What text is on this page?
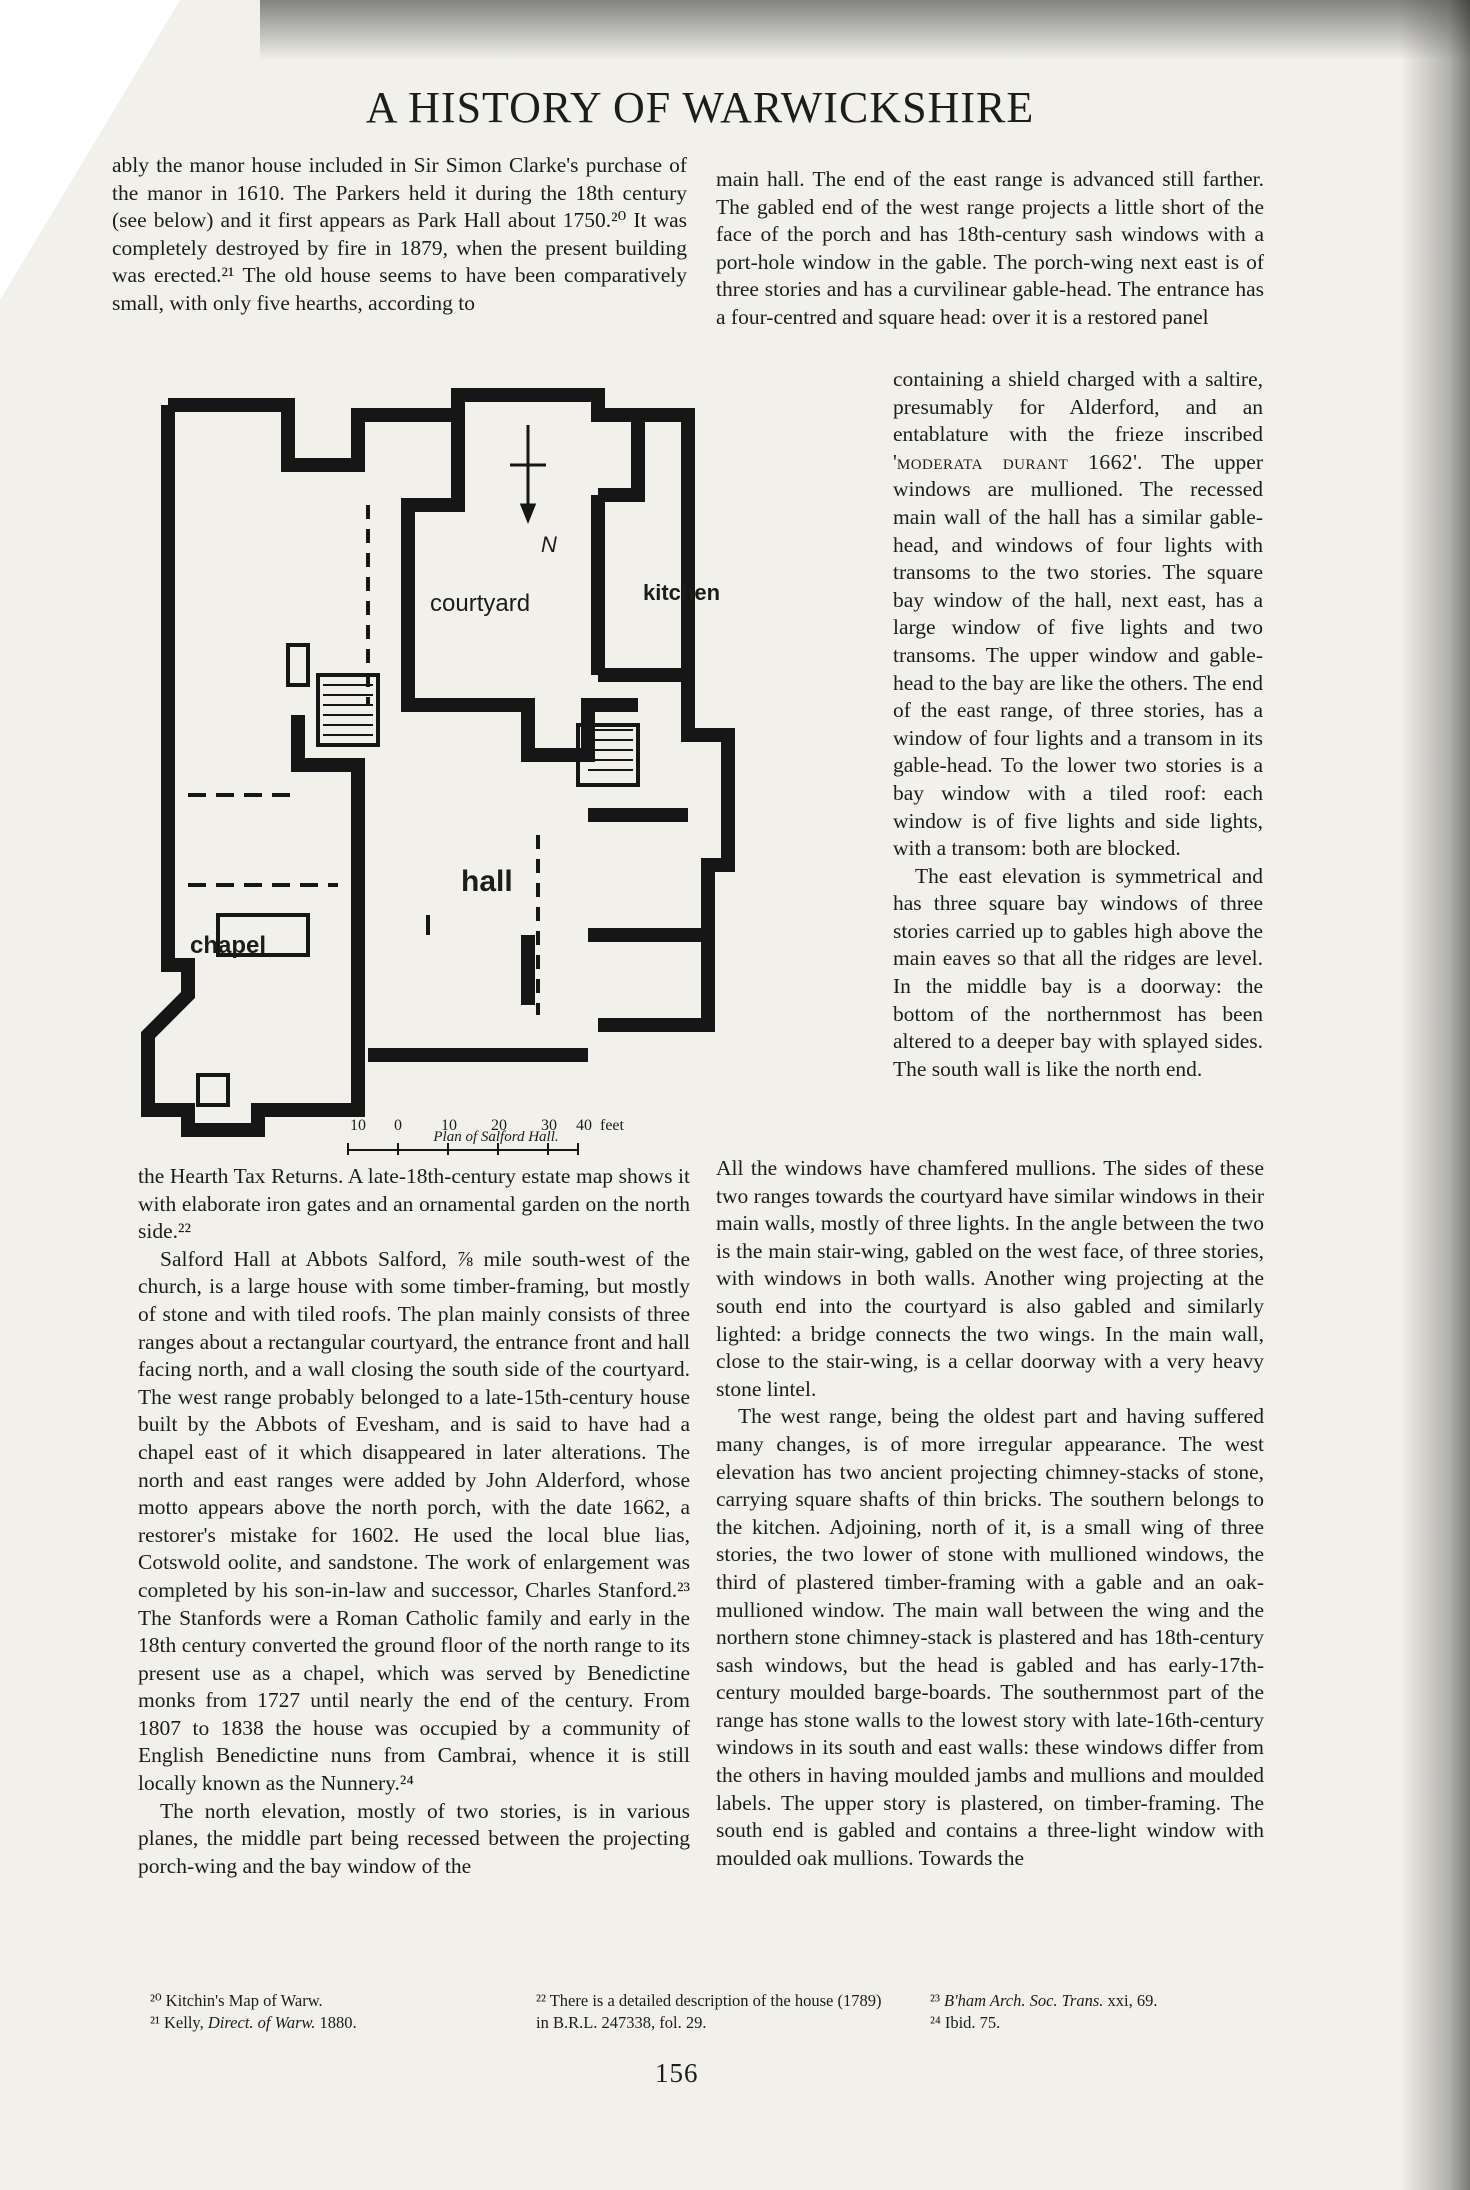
A HISTORY OF WARWICKSHIRE

ably the manor house included in Sir Simon Clarke's purchase of the manor in 1610. The Parkers held it during the 18th century (see below) and it first appears as Park Hall about 1750.²⁰ It was completely destroyed by fire in 1879, when the present building was erected.²¹ The old house seems to have been comparatively small, with only five hearths, according to

main hall. The end of the east range is advanced still farther. The gabled end of the west range projects a little short of the face of the porch and has 18th-century sash windows with a port-hole window in the gable. The porch-wing next east is of three stories and has a curvilinear gable-head. The entrance has a four-centred and square head: over it is a restored panel

containing a shield charged with a saltire, presumably for Alderford, and an entablature with the frieze inscribed 'moderata durant 1662'. The upper windows are mullioned. The recessed main wall of the hall has a similar gable-head, and windows of four lights with transoms to the two stories. The square bay window of the hall, next east, has a large window of five lights and two transoms. The upper window and gable-head to the bay are like the others. The end of the east range, of three stories, has a window of four lights and a transom in its gable-head. To the lower two stories is a bay window with a tiled roof: each window is of five lights and side lights, with a transom: both are blocked.

The east elevation is symmetrical and has three square bay windows of three stories carried up to gables high above the main eaves so that all the ridges are level. In the middle bay is a doorway: the bottom of the northernmost has been altered to a deeper bay with splayed sides. The south wall is like the north end.

N
courtyard	kitchen
hall
chapel
10 0 10 20 30 40 feet
Plan of Salford Hall.

the Hearth Tax Returns. A late-18th-century estate map shows it with elaborate iron gates and an ornamental garden on the north side.²²

Salford Hall at Abbots Salford, ⅞ mile south-west of the church, is a large house with some timber-framing, but mostly of stone and with tiled roofs. The plan mainly consists of three ranges about a rectangular courtyard, the entrance front and hall facing north, and a wall closing the south side of the courtyard. The west range probably belonged to a late-15th-century house built by the Abbots of Evesham, and is said to have had a chapel east of it which disappeared in later alterations. The north and east ranges were added by John Alderford, whose motto appears above the north porch, with the date 1662, a restorer's mistake for 1602. He used the local blue lias, Cotswold oolite, and sandstone. The work of enlargement was completed by his son-in-law and successor, Charles Stanford.²³ The Stanfords were a Roman Catholic family and early in the 18th century converted the ground floor of the north range to its present use as a chapel, which was served by Benedictine monks from 1727 until nearly the end of the century. From 1807 to 1838 the house was occupied by a community of English Benedictine nuns from Cambrai, whence it is still locally known as the Nunnery.²⁴

The north elevation, mostly of two stories, is in various planes, the middle part being recessed between the projecting porch-wing and the bay window of the

All the windows have chamfered mullions. The sides of these two ranges towards the courtyard have similar windows in their main walls, mostly of three lights. In the angle between the two is the main stair-wing, gabled on the west face, of three stories, with windows in both walls. Another wing projecting at the south end into the courtyard is also gabled and similarly lighted: a bridge connects the two wings. In the main wall, close to the stair-wing, is a cellar doorway with a very heavy stone lintel.

The west range, being the oldest part and having suffered many changes, is of more irregular appearance. The west elevation has two ancient projecting chimney-stacks of stone, carrying square shafts of thin bricks. The southern belongs to the kitchen. Adjoining, north of it, is a small wing of three stories, the two lower of stone with mullioned windows, the third of plastered timber-framing with a gable and an oak-mullioned window. The main wall between the wing and the northern stone chimney-stack is plastered and has 18th-century sash windows, but the head is gabled and has early-17th-century moulded barge-boards. The southernmost part of the range has stone walls to the lowest story with late-16th-century windows in its south and east walls: these windows differ from the others in having moulded jambs and mullions and moulded labels. The upper story is plastered, on timber-framing. The south end is gabled and contains a three-light window with moulded oak mullions. Towards the

²⁰ Kitchin's Map of Warw.
²¹ Kelly, Direct. of Warw. 1880.
²² There is a detailed description of the house (1789) in B.R.L. 247338, fol. 29.
²³ B'ham Arch. Soc. Trans. xxi, 69.
²⁴ Ibid. 75.
156
